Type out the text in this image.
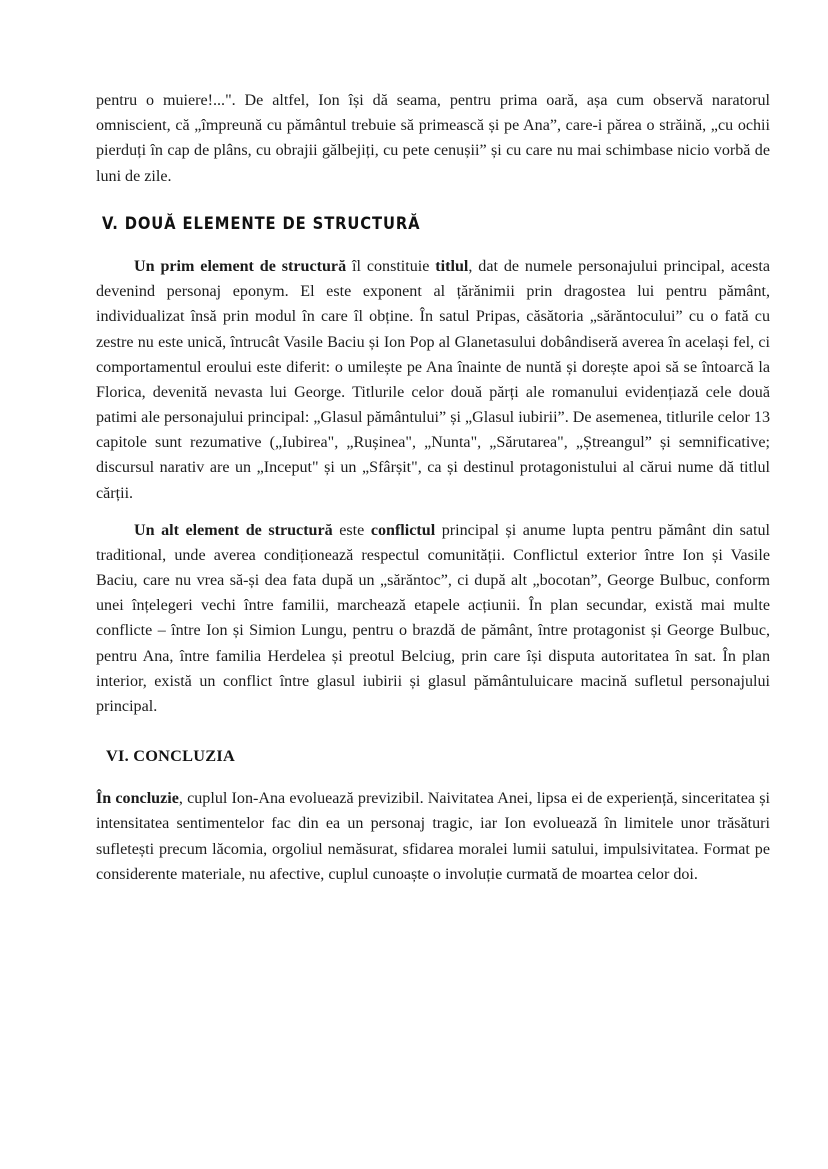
pentru o muiere!...". De altfel, Ion își dă seama, pentru prima oară, așa cum observă naratorul omniscient, că „împreună cu pământul trebuie să primească și pe Ana”, care-i părea o străină, „cu ochii pierduți în cap de plâns, cu obrajii gălbejiți, cu pete cenușii” și cu care nu mai schimbase nicio vorbă de luni de zile.

V. DOUĂ ELEMENTE DE STRUCTURĂ

Un prim element de structură îl constituie titlul, dat de numele personajului principal, acesta devenind personaj eponym. El este exponent al țărănimii prin dragostea lui pentru pământ, individualizat însă prin modul în care îl obține. În satul Pripas, căsătoria „sărăntocului” cu o fată cu zestre nu este unică, întrucât Vasile Baciu și Ion Pop al Glanetasului dobândiseră averea în același fel, ci comportamentul eroului este diferit: o umilește pe Ana înainte de nuntă și dorește apoi să se întoarcă la Florica, devenită nevasta lui George. Titlurile celor două părți ale romanului evidențiază cele două patimi ale personajului principal: „Glasul pământului” și „Glasul iubirii”. De asemenea, titlurile celor 13 capitole sunt rezumative („Iubirea", „Rușinea", „Nunta", „Sărutarea", „Ștreangul” și semnificative; discursul narativ are un „Inceput" și un „Sfârșit", ca și destinul protagonistului al cărui nume dă titlul cărții.

Un alt element de structură este conflictul principal și anume lupta pentru pământ din satul traditional, unde averea condiționează respectul comunității. Conflictul exterior între Ion și Vasile Baciu, care nu vrea să-și dea fata după un „sărăntoc”, ci după alt „bocotan”, George Bulbuc, conform unei înțelegeri vechi între familii, marchează etapele acțiunii. În plan secundar, există mai multe conflicte – între Ion și Simion Lungu, pentru o brazdă de pământ, între protagonist și George Bulbuc, pentru Ana, între familia Herdelea și preotul Belciug, prin care își disputa autoritatea în sat. În plan interior, există un conflict între glasul iubirii și glasul pământuluicare macină sufletul personajului principal.

VI. CONCLUZIA

În concluzie, cuplul Ion-Ana evoluează previzibil. Naivitatea Anei, lipsa ei de experiență, sinceritatea și intensitatea sentimentelor fac din ea un personaj tragic, iar Ion evoluează în limitele unor trăsături sufletești precum lăcomia, orgoliul nemăsurat, sfidarea moralei lumii satului, impulsivitatea. Format pe considerente materiale, nu afective, cuplul cunoaște o involuție curmată de moartea celor doi.
